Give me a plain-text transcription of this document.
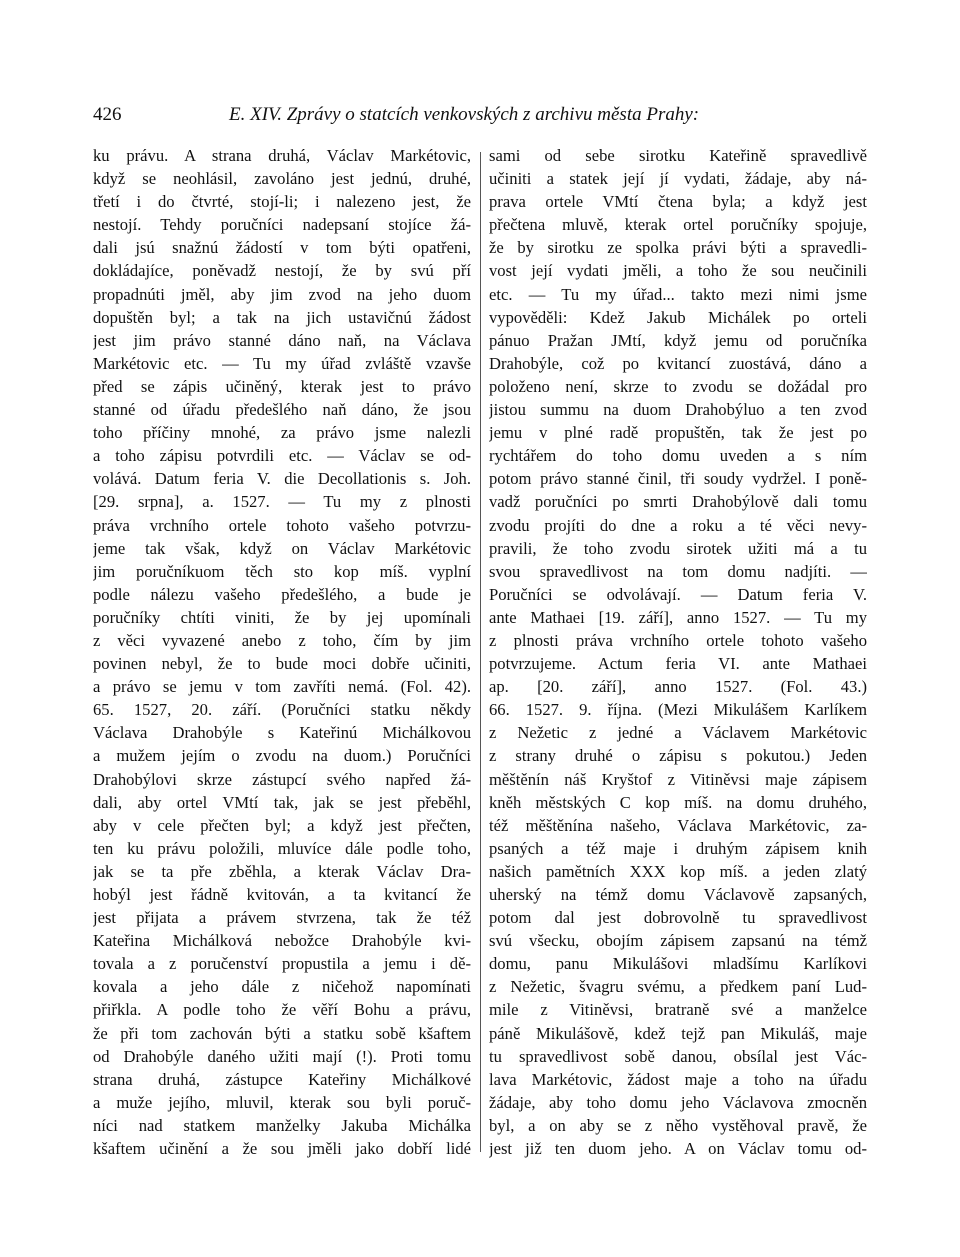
426	E. XIV. Zprávy o statcích venkovských z archivu města Prahy:
ku právu. A strana druhá, Václav Markétovic,
když se neohlásil, zavoláno jest jednú, druhé,
třetí i do čtvrté, stojí-li; i nalezeno jest, že
nestojí. Tehdy poručníci nadepsaní stojíce žá-
dali jsú snažnú žádostí v tom býti opatřeni,
dokládajíce, poněvadž nestojí, že by svú pří
propadnúti jměl, aby jim zvod na jeho duom
dopuštěn byl; a tak na jich ustavičnú žádost
jest jim právo stanné dáno naň, na Václava
Markétovic etc. — Tu my úřad zvláště vzavše
před se zápis učiněný, kterak jest to právo
stanné od úřadu předešlého naň dáno, že jsou
toho příčiny mnohé, za právo jsme nalezli
a toho zápisu potvrdili etc. — Václav se od-
volává. Datum feria V. die Decollationis s. Joh.
[29. srpna], a. 1527. — Tu my z plnosti
práva vrchního ortele tohoto vašeho potvrzu-
jeme tak však, když on Václav Markétovic
jim poručníkuom těch sto kop míš. vyplní
podle nálezu vašeho předešlého, a bude je
poručníky chtíti viniti, že by jej upomínali
z věci vyvazené anebo z toho, čím by jim
povinen nebyl, že to bude moci dobře učiniti,
a právo se jemu v tom zavříti nemá. (Fol. 42).
65. 1527, 20. září. (Poručníci statku někdy
Václava Drahobýle s Kateřinú Michálkovou
a mužem jejím o zvodu na duom.) Poručníci
Drahobýlovi skrze zástupcí svého napřed žá-
dali, aby ortel VMtí tak, jak se jest přeběhl,
aby v cele přečten byl; a když jest přečten,
ten ku právu položili, mluvíce dále podle toho,
jak se ta pře zběhla, a kterak Václav Dra-
hobýl jest řádně kvitován, a ta kvitancí že
jest přijata a právem stvrzena, tak že též
Kateřina Michálková nebožce Drahobýle kvi-
tovala a z poručenství propustila a jemu i dě-
kovala a jeho dále z ničehož napomínati
přiřkla. A podle toho že věří Bohu a právu,
že při tom zachován býti a statku sobě kšaftem
od Drahobýle daného užiti mají (!). Proti tomu
strana druhá, zástupce Kateřiny Michálkové
a muže jejího, mluvil, kterak sou byli poruč-
níci nad statkem manželky Jakuba Michálka
kšaftem učinění a že sou jměli jako dobří lidé
sami od sebe sirotku Kateřině spravedlivě
učiniti a statek její jí vydati, žádaje, aby ná-
prava ortele VMtí čtena byla; a když jest
přečtena mluvě, kterak ortel poručníky spojuje,
že by sirotku ze spolka právi býti a spravedli-
vost její vydati jměli, a toho že sou neučinili
etc. — Tu my úřad... takto mezi nimi jsme
vypověděli: Kdež Jakub Michálek po orteli
pánuo Pražan JMtí, když jemu od poručníka
Drahobýle, což po kvitancí zuostává, dáno a
položeno není, skrze to zvodu se dožádal pro
jistou summu na duom Drahobýluo a ten zvod
jemu v plné radě propuštěn, tak že jest po
rychtářem do toho domu uveden a s ním
potom právo stanné činil, tři soudy vydržel. I poně-
vadž poručníci po smrti Drahobýlově dali tomu
zvodu projíti do dne a roku a té věci nevy-
pravili, že toho zvodu sirotek užiti má a tu
svou spravedlivost na tom domu nadjíti. —
Poručníci se odvolávají. — Datum feria V.
ante Mathaei [19. září], anno 1527. — Tu my
z plnosti práva vrchního ortele tohoto vašeho
potvrzujeme. Actum feria VI. ante Mathaei
ap. [20. září], anno 1527. (Fol. 43.)
66. 1527. 9. října. (Mezi Mikulášem Karlíkem
z Nežetic z jedné a Václavem Markétovic
z strany druhé o zápisu s pokutou.) Jeden
měštěnín náš Kryštof z Vitiněvsi maje zápisem
kněh městských C kop míš. na domu druhého,
též měštěnína našeho, Václava Markétovic, za-
psaných a též maje i druhým zápisem knih
našich pamětních XXX kop míš. a jeden zlatý
uherský na témž domu Václavově zapsaných,
potom dal jest dobrovolně tu spravedlivost
svú všecku, obojím zápisem zapsanú na témž
domu, panu Mikulášovi mladšímu Karlíkovi
z Nežetic, švagru svému, a předkem paní Lud-
mile z Vitiněvsi, bratraně své a manželce
páně Mikulášově, kdež tejž pan Mikuláš, maje
tu spravedlivost sobě danou, obsílal jest Vác-
lava Markétovic, žádost maje a toho na úřadu
žádaje, aby toho domu jeho Václavova zmocněn
byl, a on aby se z něho vystěhoval pravě, že
jest již ten duom jeho. A on Václav tomu od-
